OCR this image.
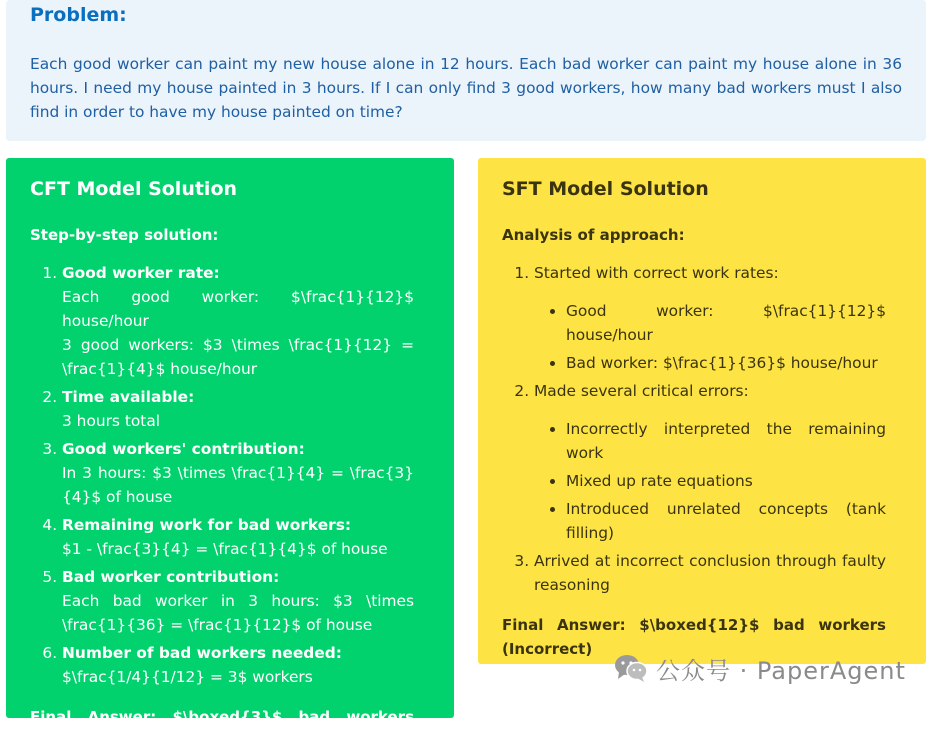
Problem:

Each good worker can paint my new house alone in 12 hours. Each bad worker can paint my house alone in 36 hours. I need my house painted in 3 hours. If I can only find 3 good workers, how many bad workers must I also find in order to have my house painted on time?

CFT Model Solution

Step-by-step solution:

1. Good worker rate:
Each good worker: $\frac{1}{12}$ house/hour
3 good workers: $3 \times \frac{1}{12} = \frac{1}{4}$ house/hour
2. Time available:
3 hours total
3. Good workers' contribution:
In 3 hours: $3 \times \frac{1}{4} = \frac{3}{4}$ of house
4. Remaining work for bad workers:
$1 - \frac{3}{4} = \frac{1}{4}$ of house
5. Bad worker contribution:
Each bad worker in 3 hours: $3 \times \frac{1}{36} = \frac{1}{12}$ of house
6. Number of bad workers needed:
$\frac{1/4}{1/12} = 3$ workers

Final Answer: $\boxed{3}$ bad workers (Correct)

SFT Model Solution

Analysis of approach:

1. Started with correct work rates:
• Good worker: $\frac{1}{12}$ house/hour
• Bad worker: $\frac{1}{36}$ house/hour
2. Made several critical errors:
• Incorrectly interpreted the remaining work
• Mixed up rate equations
• Introduced unrelated concepts (tank filling)
3. Arrived at incorrect conclusion through faulty reasoning

Final Answer: $\boxed{12}$ bad workers (Incorrect)

公众号 · PaperAgent
